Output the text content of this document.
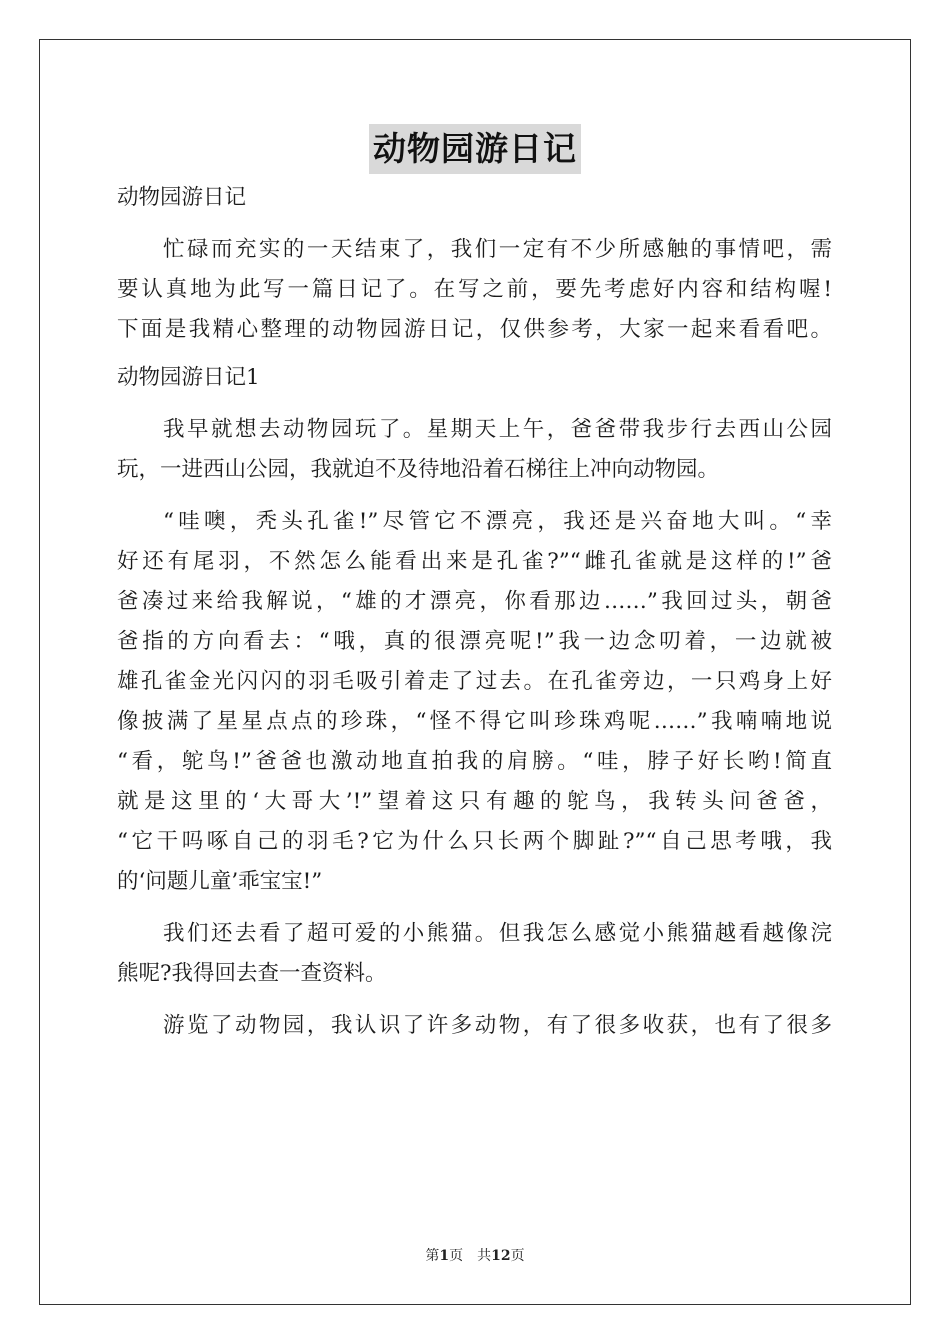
动物园游日记

动物园游日记

忙碌而充实的一天结束了，我们一定有不少所感触的事情吧，需

要认真地为此写一篇日记了。在写之前，要先考虑好内容和结构喔!

下面是我精心整理的动物园游日记，仅供参考，大家一起来看看吧。

动物园游日记1

我早就想去动物园玩了。星期天上午，爸爸带我步行去西山公园

玩，一进西山公园，我就迫不及待地沿着石梯往上冲向动物园。

“哇噢，秃头孔雀!”尽管它不漂亮，我还是兴奋地大叫。“幸

好还有尾羽，不然怎么能看出来是孔雀?”“雌孔雀就是这样的!”爸

爸凑过来给我解说，“雄的才漂亮，你看那边……”我回过头，朝爸

爸指的方向看去：“哦，真的很漂亮呢!”我一边念叨着，一边就被

雄孔雀金光闪闪的羽毛吸引着走了过去。在孔雀旁边，一只鸡身上好

像披满了星星点点的珍珠，“怪不得它叫珍珠鸡呢……”我喃喃地说

“看，鸵鸟!”爸爸也激动地直拍我的肩膀。“哇，脖子好长哟!简直

就是这里的‘大哥大’!”望着这只有趣的鸵鸟，我转头问爸爸，

“它干吗啄自己的羽毛?它为什么只长两个脚趾?”“自己思考哦，我

的‘问题儿童’乖宝宝!”

我们还去看了超可爱的小熊猫。但我怎么感觉小熊猫越看越像浣

熊呢?我得回去查一查资料。

游览了动物园，我认识了许多动物，有了很多收获，也有了很多

第1页　共12页
